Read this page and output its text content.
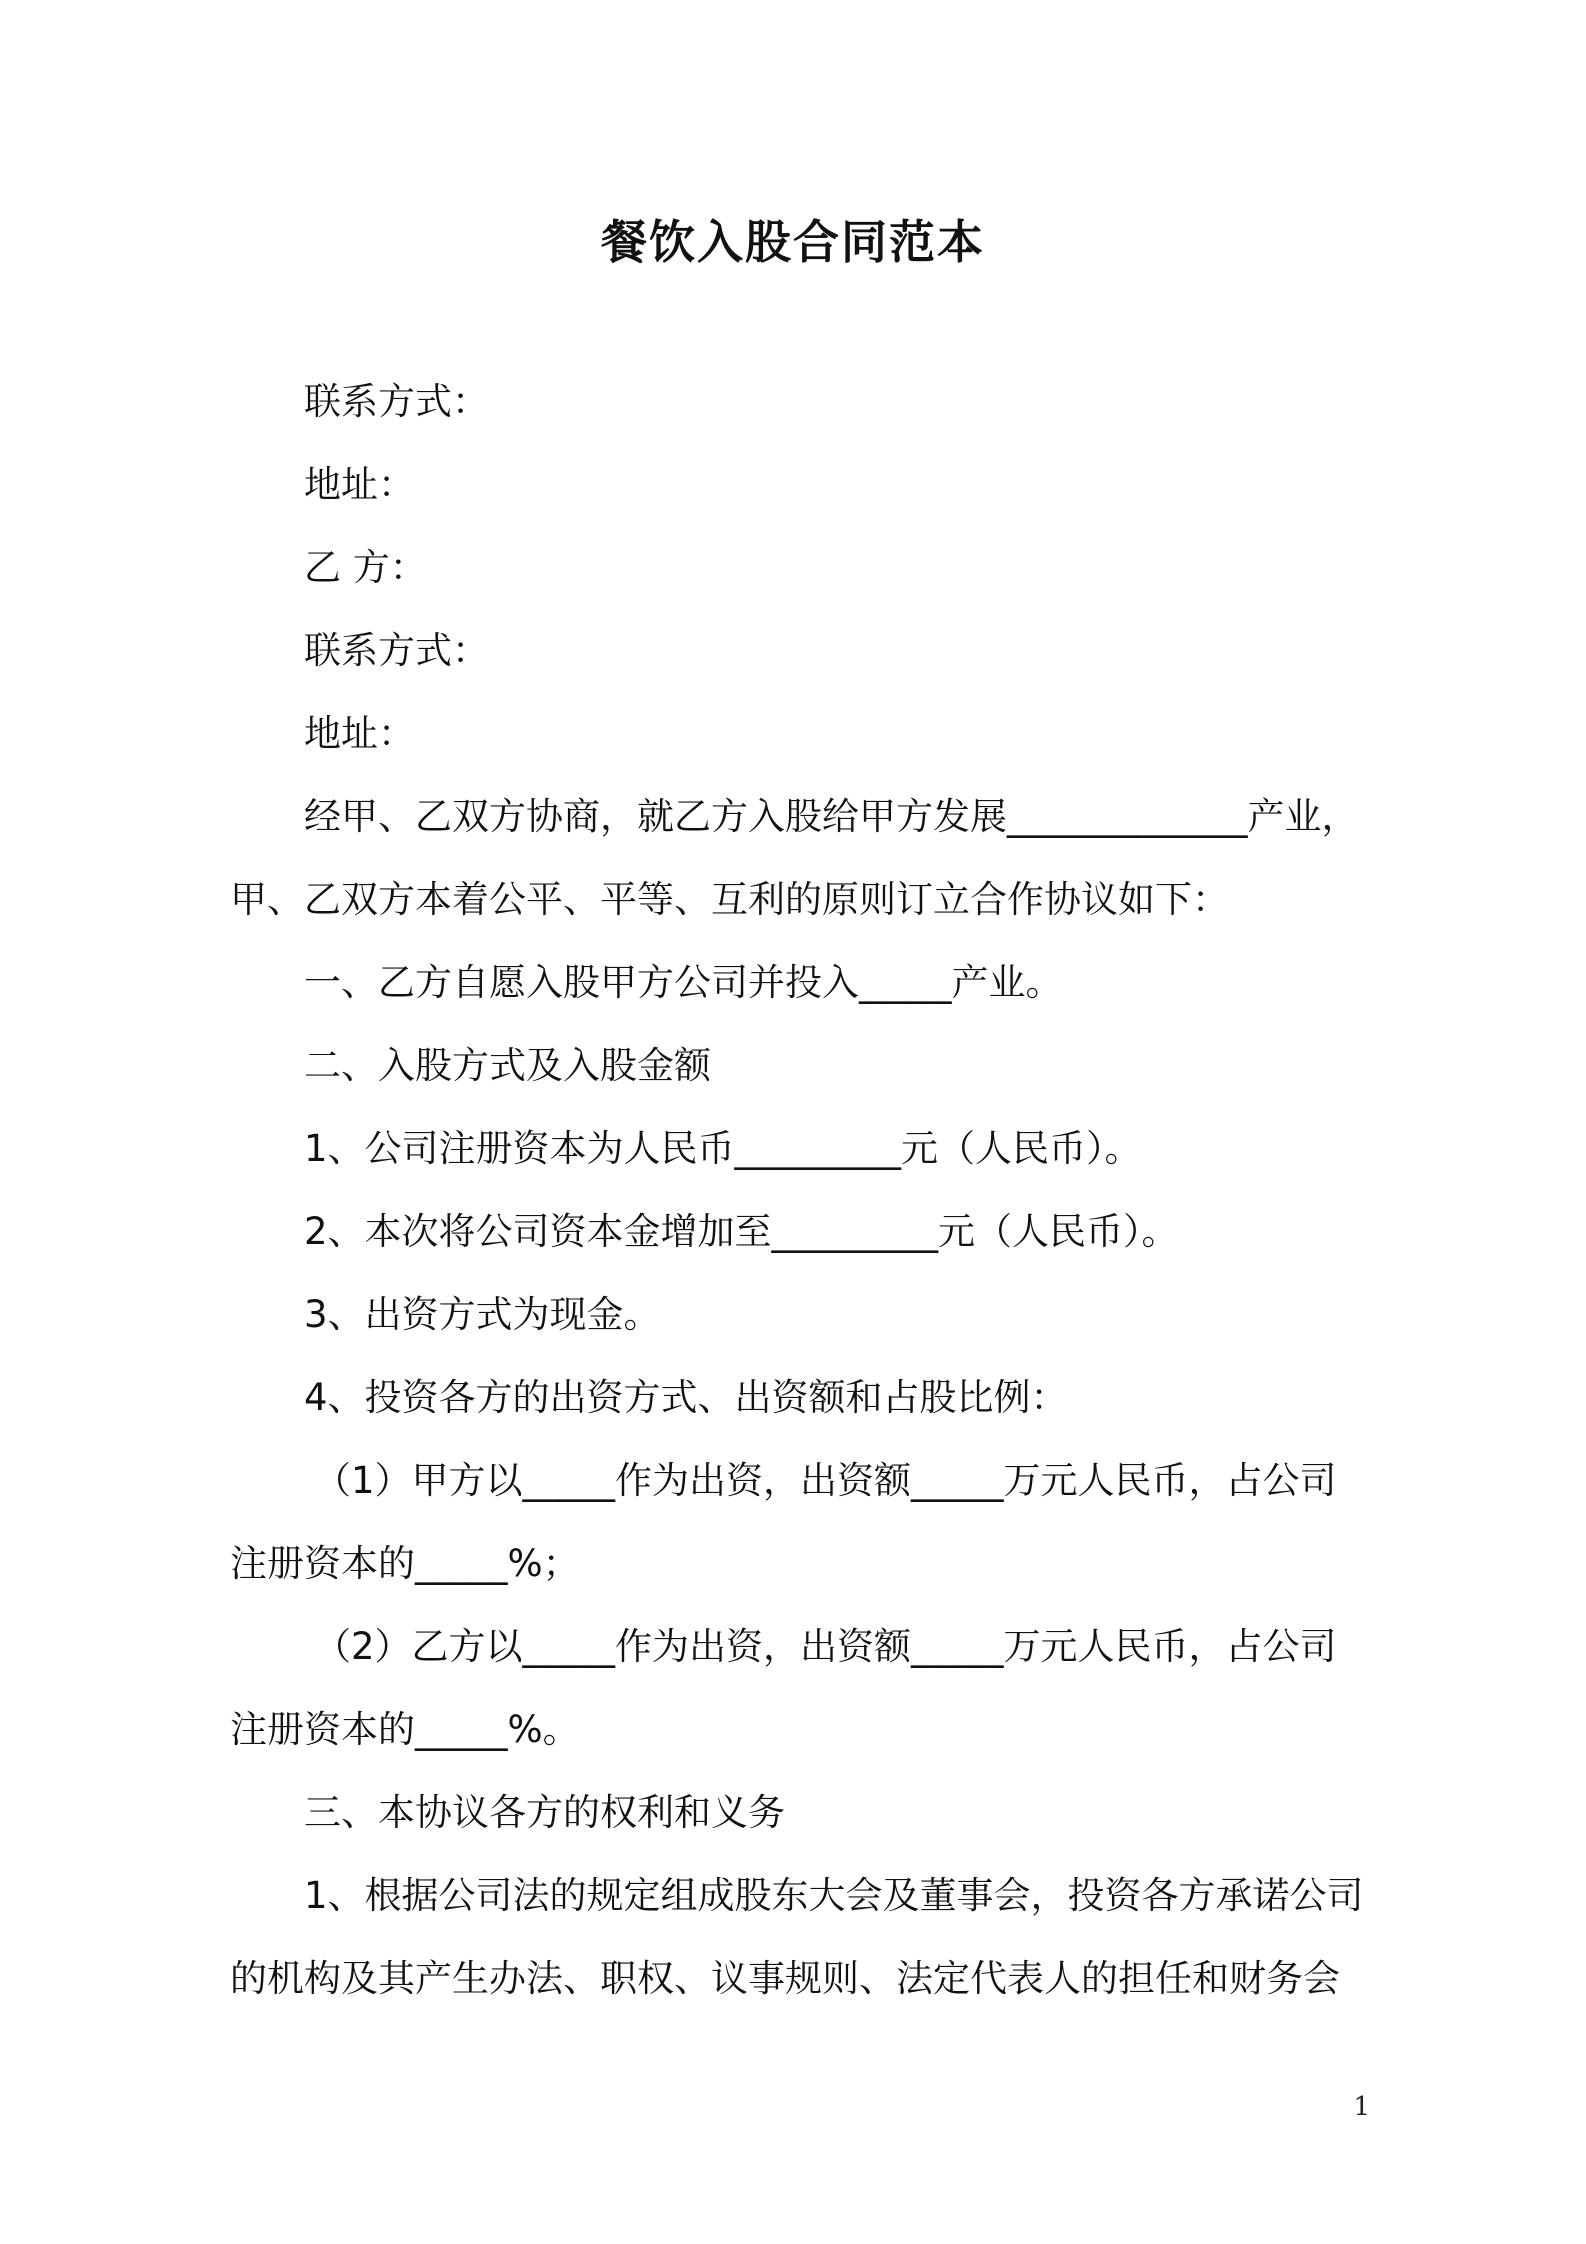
餐饮入股合同范本

联系方式：

地址：

乙 方：

联系方式：

地址：

经甲、乙双方协商，就乙方入股给甲方发展_____________产业，

甲、乙双方本着公平、平等、互利的原则订立合作协议如下：

一、乙方自愿入股甲方公司并投入_____产业。

二、入股方式及入股金额

1、公司注册资本为人民币_________元（人民币）。

2、本次将公司资本金增加至_________元（人民币）。

3、出资方式为现金。

4、投资各方的出资方式、出资额和占股比例：

（1）甲方以_____作为出资，出资额_____万元人民币，占公司

注册资本的_____%；

（2）乙方以_____作为出资，出资额_____万元人民币，占公司

注册资本的_____%。

三、本协议各方的权利和义务

1、根据公司法的规定组成股东大会及董事会，投资各方承诺公司

的机构及其产生办法、职权、议事规则、法定代表人的担任和财务会

1
